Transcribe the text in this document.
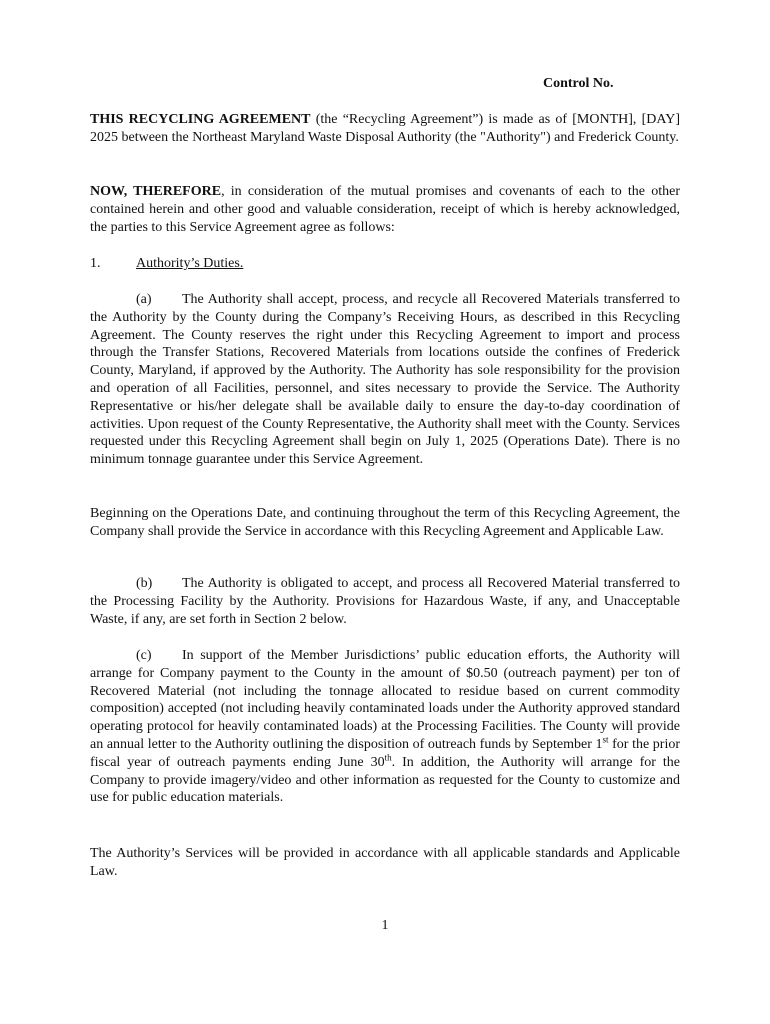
Control No.

THIS RECYCLING AGREEMENT (the “Recycling Agreement”) is made as of [MONTH], [DAY] 2025 between the Northeast Maryland Waste Disposal Authority (the "Authority") and Frederick County.

NOW, THEREFORE, in consideration of the mutual promises and covenants of each to the other contained herein and other good and valuable consideration, receipt of which is hereby acknowledged, the parties to this Service Agreement agree as follows:

1.	Authority’s Duties.

(a) The Authority shall accept, process, and recycle all Recovered Materials transferred to the Authority by the County during the Company’s Receiving Hours, as described in this Recycling Agreement. The County reserves the right under this Recycling Agreement to import and process through the Transfer Stations, Recovered Materials from locations outside the confines of Frederick County, Maryland, if approved by the Authority. The Authority has sole responsibility for the provision and operation of all Facilities, personnel, and sites necessary to provide the Service. The Authority Representative or his/her delegate shall be available daily to ensure the day-to-day coordination of activities. Upon request of the County Representative, the Authority shall meet with the County. Services requested under this Recycling Agreement shall begin on July 1, 2025 (Operations Date). There is no minimum tonnage guarantee under this Service Agreement.

Beginning on the Operations Date, and continuing throughout the term of this Recycling Agreement, the Company shall provide the Service in accordance with this Recycling Agreement and Applicable Law.

(b) The Authority is obligated to accept, and process all Recovered Material transferred to the Processing Facility by the Authority. Provisions for Hazardous Waste, if any, and Unacceptable Waste, if any, are set forth in Section 2 below.

(c) In support of the Member Jurisdictions’ public education efforts, the Authority will arrange for Company payment to the County in the amount of $0.50 (outreach payment) per ton of Recovered Material (not including the tonnage allocated to residue based on current commodity composition) accepted (not including heavily contaminated loads under the Authority approved standard operating protocol for heavily contaminated loads) at the Processing Facilities. The County will provide an annual letter to the Authority outlining the disposition of outreach funds by September 1st for the prior fiscal year of outreach payments ending June 30th. In addition, the Authority will arrange for the Company to provide imagery/video and other information as requested for the County to customize and use for public education materials.

The Authority’s Services will be provided in accordance with all applicable standards and Applicable Law.

1
